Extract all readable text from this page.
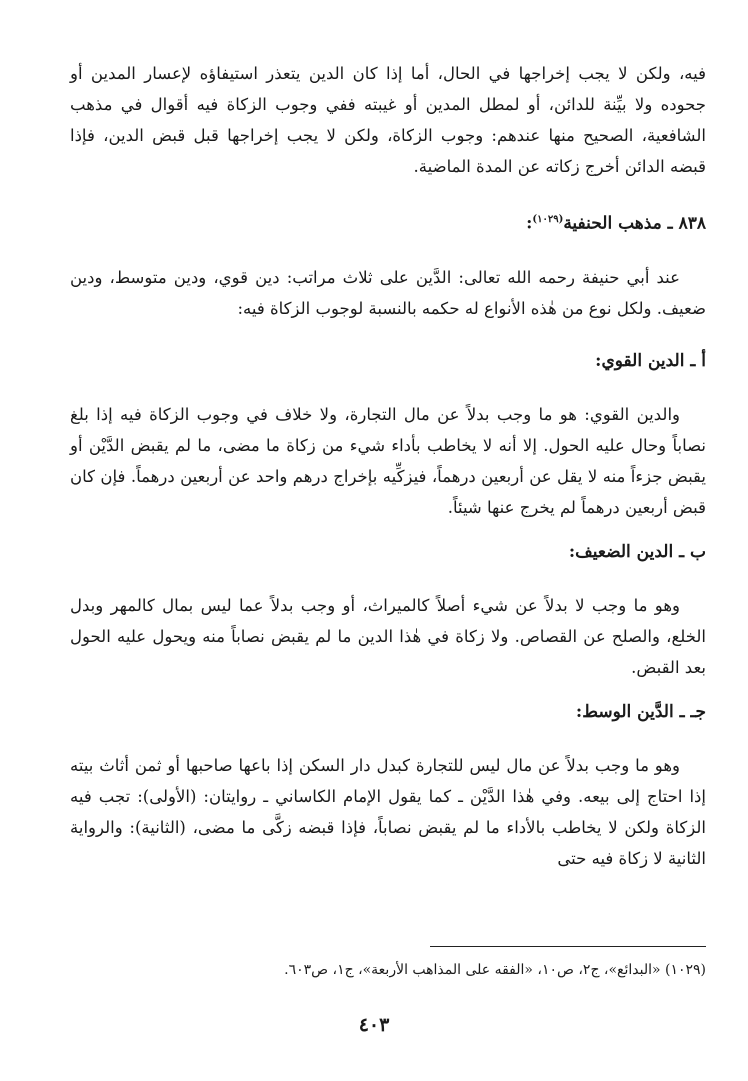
فيه، ولكن لا يجب إخراجها في الحال، أما إذا كان الدين يتعذر استيفاؤه لإعسار المدين أو جحوده ولا بيِّنة للدائن، أو لمطل المدين أو غيبته ففي وجوب الزكاة فيه أقوال في مذهب الشافعية، الصحيح منها عندهم: وجوب الزكاة، ولكن لا يجب إخراجها قبل قبض الدين، فإذا قبضه الدائن أخرج زكاته عن المدة الماضية.

٨٣٨ ـ مذهب الحنفية$^{(١٠٢٩)}$:

عند أبي حنيفة رحمه الله تعالى: الدَّين على ثلاث مراتب: دين قوي، ودين متوسط، ودين ضعيف. ولكل نوع من هٰذه الأنواع له حكمه بالنسبة لوجوب الزكاة فيه:

أ ـ الدين القوي:

والدين القوي: هو ما وجب بدلاً عن مال التجارة، ولا خلاف في وجوب الزكاة فيه إذا بلغ نصاباً وحال عليه الحول. إلا أنه لا يخاطب بأداء شيء من زكاة ما مضى، ما لم يقبض الدَّيْن أو يقبض جزءاً منه لا يقل عن أربعين درهماً، فيزكِّيه بإخراج درهم واحد عن أربعين درهماً. فإن كان قبض أربعين درهماً لم يخرج عنها شيئاً.

ب ـ الدين الضعيف:

وهو ما وجب لا بدلاً عن شيء أصلاً كالميراث، أو وجب بدلاً عما ليس بمال كالمهر وبدل الخلع، والصلح عن القصاص. ولا زكاة في هٰذا الدين ما لم يقبض نصاباً منه ويحول عليه الحول بعد القبض.

جـ ـ الدَّين الوسط:

وهو ما وجب بدلاً عن مال ليس للتجارة كبدل دار السكن إذا باعها صاحبها أو ثمن أثاث بيته إذا احتاج إلى بيعه. وفي هٰذا الدَّيْن ـ كما يقول الإمام الكاساني ـ روايتان: (الأولى): تجب فيه الزكاة ولكن لا يخاطب بالأداء ما لم يقبض نصاباً، فإذا قبضه زكَّى ما مضى، (الثانية): والرواية الثانية لا زكاة فيه حتى

(١٠٢٩) «البدائع»، ج٢، ص١٠، «الفقه على المذاهب الأربعة»، ج١، ص٦٠٣.
٤٠٣
